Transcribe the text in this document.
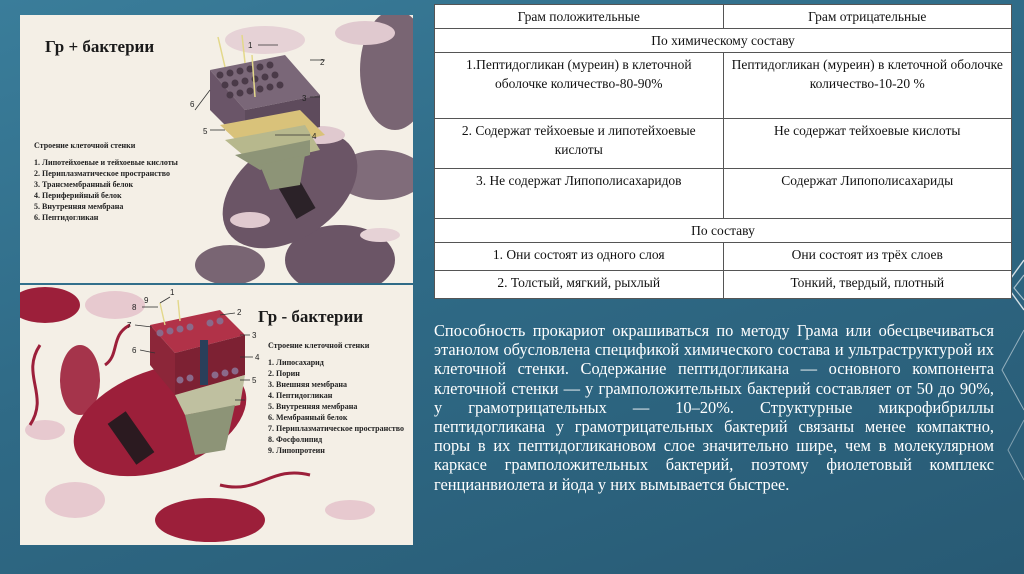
1
2
3
4
5
6
Гр + бактерии
Строение клеточной стенки
1. Липотейхоевые и тейхоевые кислоты
2. Периплазматическое пространство
3. Трансмембранный белок
4. Периферийный белок
5. Внутренняя мембрана
6. Пептидогликан
1
2
3
4
5
6
7
8
9
Гр - бактерии
Строение клеточной стенки
1. Липосахарид
2. Порин
3. Внешняя мембрана
4. Пептидогликан
5. Внутренняя мембрана
6. Мембранный белок
7. Периплазматическое пространство
8. Фосфолипид
9. Липопротеин
Грам положительные	Грам отрицательные
По химическому составу	
1.Пептидогликан (муреин) в клеточной оболочке количество-80-90%	Пептидогликан (муреин) в клеточной оболочке количество-10-20 %
2. Содержат тейхоевые и липотейхоевые кислоты	Не содержат тейхоевые кислоты
3. Не содержат Липополисахаридов	Содержат Липополисахариды
По составу	
1. Они состоят из одного слоя	Они состоят из трёх слоев
2. Толстый, мягкий, рыхлый	Тонкий, твердый, плотный

Способность прокариот окрашиваться по методу Грама или обесцвечиваться этанолом обусловлена спецификой химического состава и ультраструктурой их клеточной стенки. Содержание пептидогликана — основного компонента клеточной стенки — у грамположительных бактерий составляет от 50 до 90%, у грамотрицательных — 10–20%. Структурные микрофибриллы пептидогликана у грамотрицательных бактерий связаны менее компактно, поры в их пептидогликановом слое значительно шире, чем в молекулярном каркасе грамположительных бактерий, поэтому фиолетовый комплекс генцианвиолета и йода у них вымывается быстрее.
